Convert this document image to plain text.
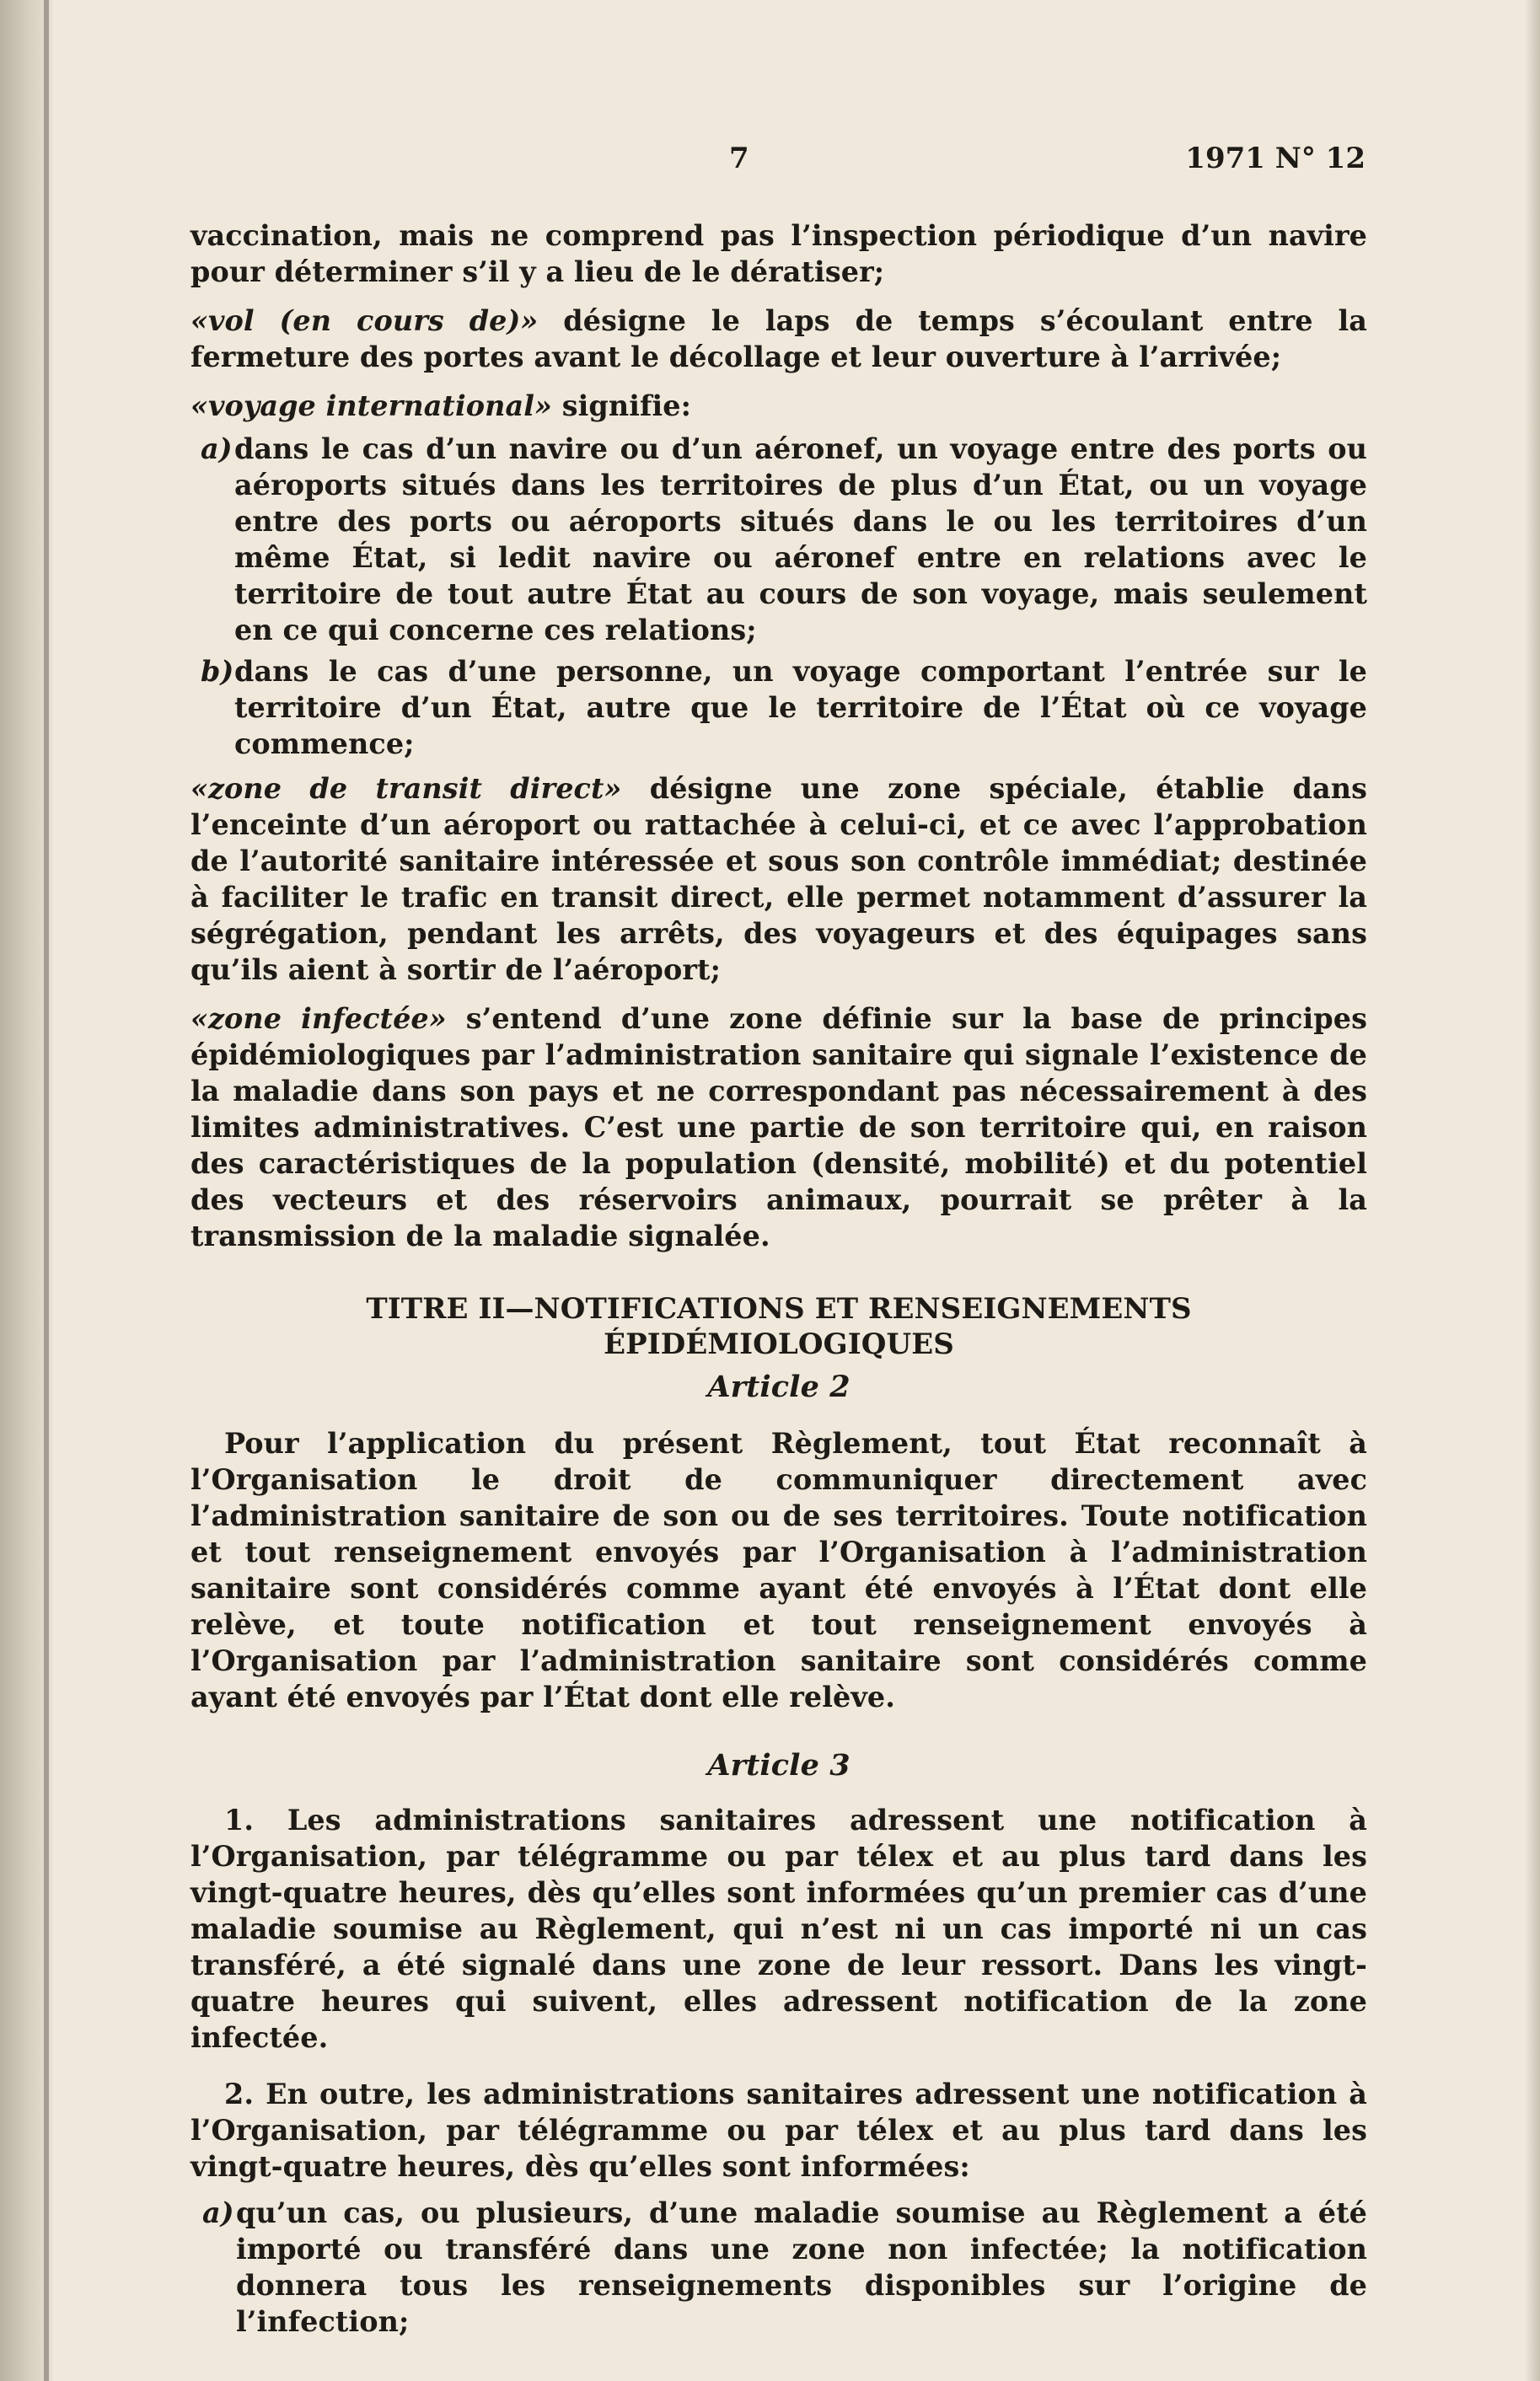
7	1971 N° 12

vaccination, mais ne comprend pas l’inspection périodique d’un navire pour déterminer s’il y a lieu de le dératiser;

«vol (en cours de)» désigne le laps de temps s’écoulant entre la fermeture des portes avant le décollage et leur ouverture à l’arrivée;

«voyage international» signifie:

a) dans le cas d’un navire ou d’un aéronef, un voyage entre des ports ou aéroports situés dans les territoires de plus d’un État, ou un voyage entre des ports ou aéroports situés dans le ou les territoires d’un même État, si ledit navire ou aéronef entre en relations avec le territoire de tout autre État au cours de son voyage, mais seulement en ce qui concerne ces relations;
b) dans le cas d’une personne, un voyage comportant l’entrée sur le territoire d’un État, autre que le territoire de l’État où ce voyage commence;

«zone de transit direct» désigne une zone spéciale, établie dans l’enceinte d’un aéroport ou rattachée à celui-ci, et ce avec l’approbation de l’autorité sanitaire intéressée et sous son contrôle immédiat; destinée à faciliter le trafic en transit direct, elle permet notamment d’assurer la ségrégation, pendant les arrêts, des voyageurs et des équipages sans qu’ils aient à sortir de l’aéroport;

«zone infectée» s’entend d’une zone définie sur la base de principes épidémiologiques par l’administration sanitaire qui signale l’existence de la maladie dans son pays et ne correspondant pas nécessairement à des limites administratives. C’est une partie de son territoire qui, en raison des caractéristiques de la population (densité, mobilité) et du potentiel des vecteurs et des réservoirs animaux, pourrait se prêter à la transmission de la maladie signalée.

TITRE II—NOTIFICATIONS ET RENSEIGNEMENTS
ÉPIDÉMIOLOGIQUES
Article 2

Pour l’application du présent Règlement, tout État reconnaît à l’Organisation le droit de communiquer directement avec l’administration sanitaire de son ou de ses territoires. Toute notification et tout renseignement envoyés par l’Organisation à l’administration sanitaire sont considérés comme ayant été envoyés à l’État dont elle relève, et toute notification et tout renseignement envoyés à l’Organisation par l’administration sanitaire sont considérés comme ayant été envoyés par l’État dont elle relève.

Article 3

1. Les administrations sanitaires adressent une notification à l’Organisation, par télégramme ou par télex et au plus tard dans les vingt-quatre heures, dès qu’elles sont informées qu’un premier cas d’une maladie soumise au Règlement, qui n’est ni un cas importé ni un cas transféré, a été signalé dans une zone de leur ressort. Dans les vingt-quatre heures qui suivent, elles adressent notification de la zone infectée.

2. En outre, les administrations sanitaires adressent une notification à l’Organisation, par télégramme ou par télex et au plus tard dans les vingt-quatre heures, dès qu’elles sont informées:

a) qu’un cas, ou plusieurs, d’une maladie soumise au Règlement a été importé ou transféré dans une zone non infectée; la notification donnera tous les renseignements disponibles sur l’origine de l’infection;
